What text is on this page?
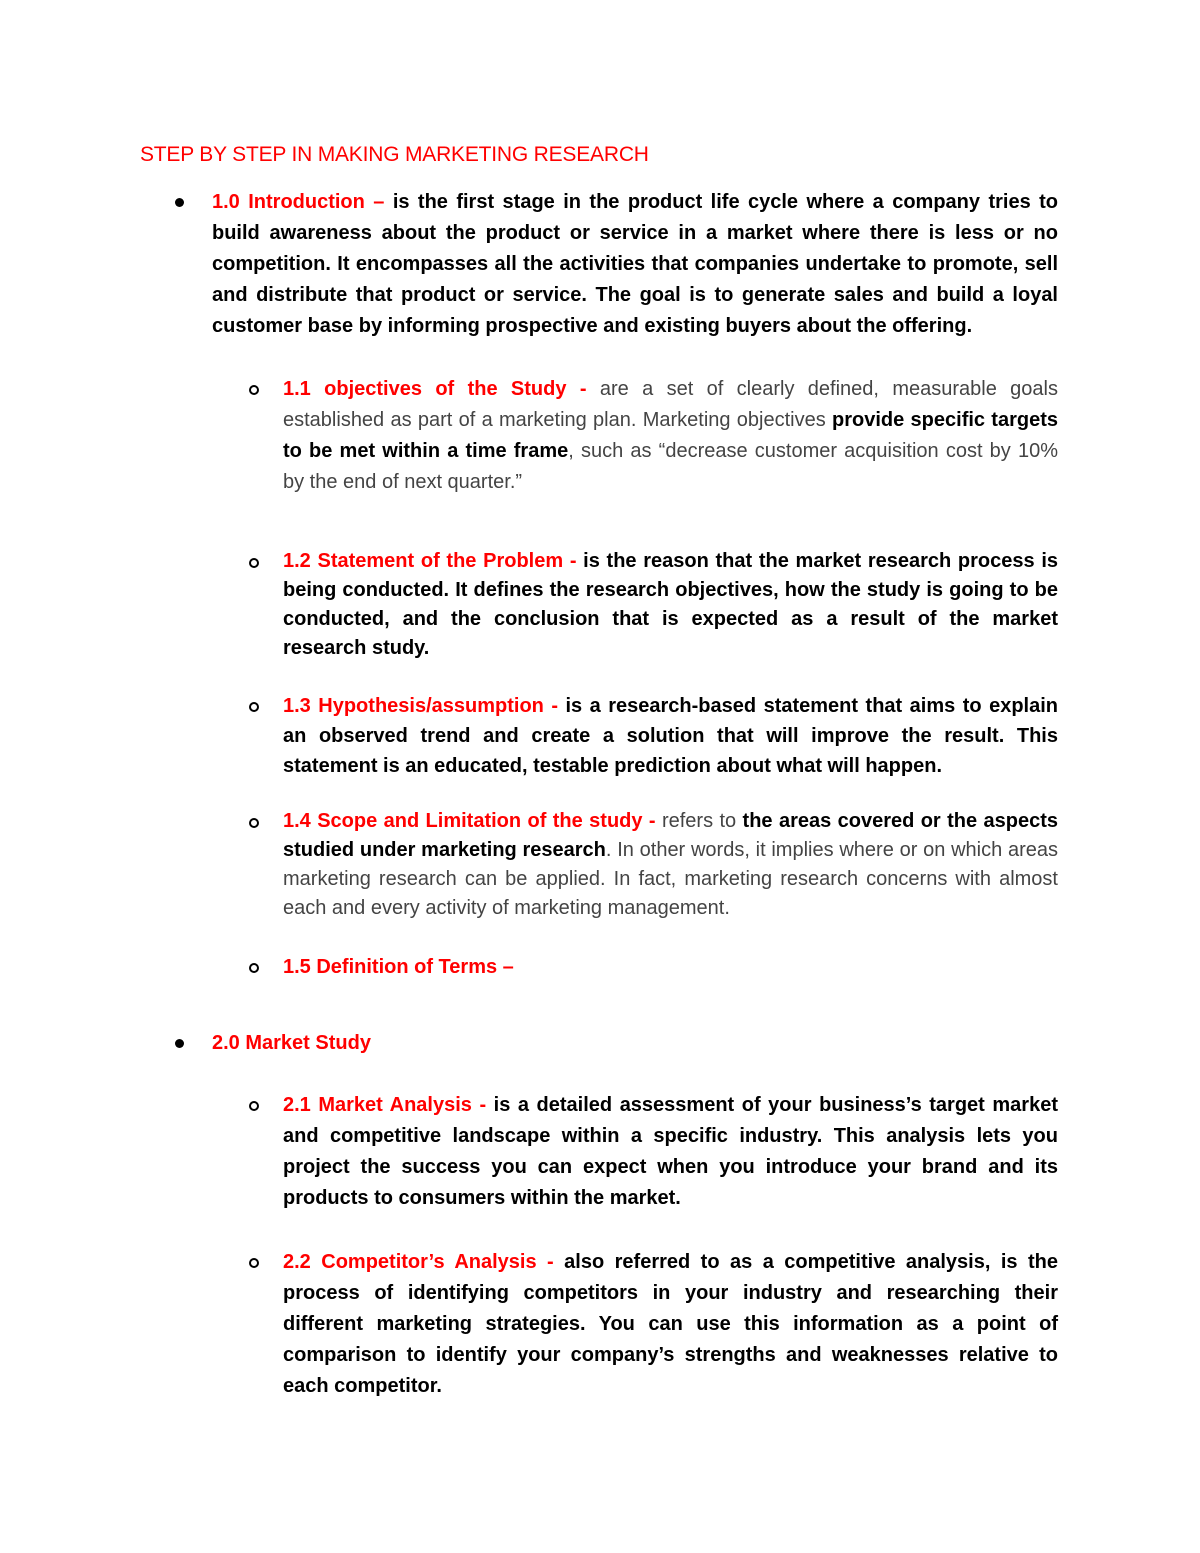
STEP BY STEP IN MAKING MARKETING RESEARCH
1.0 Introduction – is the first stage in the product life cycle where a company tries to build awareness about the product or service in a market where there is less or no competition. It encompasses all the activities that companies undertake to promote, sell and distribute that product or service. The goal is to generate sales and build a loyal customer base by informing prospective and existing buyers about the offering.
1.1 objectives of the Study - are a set of clearly defined, measurable goals established as part of a marketing plan. Marketing objectives provide specific targets to be met within a time frame, such as “decrease customer acquisition cost by 10% by the end of next quarter.”
1.2 Statement of the Problem - is the reason that the market research process is being conducted. It defines the research objectives, how the study is going to be conducted, and the conclusion that is expected as a result of the market research study.
1.3 Hypothesis/assumption - is a research-based statement that aims to explain an observed trend and create a solution that will improve the result. This statement is an educated, testable prediction about what will happen.
1.4 Scope and Limitation of the study - refers to the areas covered or the aspects studied under marketing research. In other words, it implies where or on which areas marketing research can be applied. In fact, marketing research concerns with almost each and every activity of marketing management.
1.5 Definition of Terms –
2.0 Market Study
2.1 Market Analysis - is a detailed assessment of your business’s target market and competitive landscape within a specific industry. This analysis lets you project the success you can expect when you introduce your brand and its products to consumers within the market.
2.2 Competitor’s Analysis - also referred to as a competitive analysis, is the process of identifying competitors in your industry and researching their different marketing strategies. You can use this information as a point of comparison to identify your company’s strengths and weaknesses relative to each competitor.
